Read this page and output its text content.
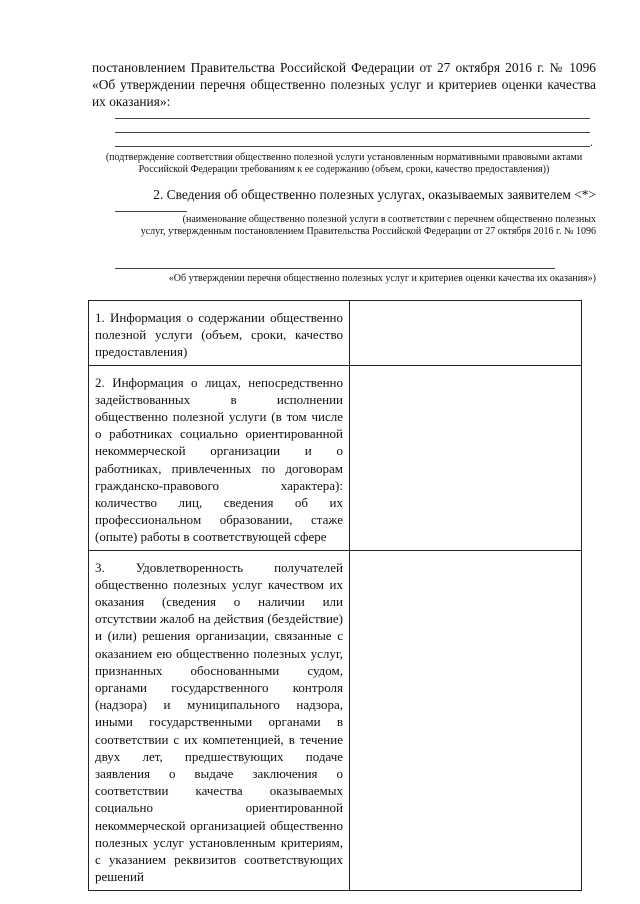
постановлением Правительства Российской Федерации от 27 октября 2016 г. № 1096 «Об утверждении перечня общественно полезных услуг и критериев оценки качества их оказания»:
.
(подтверждение соответствия общественно полезной услуги установленным нормативными правовыми актами Российской Федерации требованиям к ее содержанию (объем, сроки, качество предоставления))
2. Сведения об общественно полезных услугах, оказываемых заявителем <*>
(наименование общественно полезной услуги в соответствии с перечнем общественно полезных
услуг, утвержденным постановлением Правительства Российской Федерации от 27 октября 2016 г. № 1096
«Об утверждении перечня общественно полезных услуг и критериев оценки качества их оказания»)
1. Информация о содержании общественно полезной услуги (объем, сроки, качество предоставления)	

2. Информация о лицах, непосредственно задействованных в исполнении общественно полезной услуги (в том числе о работниках социально ориентированной некоммерческой организации и о работниках, привлеченных по договорам гражданско-правового характера): количество лиц, сведения об их профессиональном образовании, стаже (опыте) работы в соответствующей сфере	

3. Удовлетворенность получателей общественно полезных услуг качеством их оказания (сведения о наличии или отсутствии жалоб на действия (бездействие) и (или) решения организации, связанные с оказанием ею общественно полезных услуг, признанных обоснованными судом, органами государственного контроля (надзора) и муниципального надзора, иными государственными органами в соответствии с их компетенцией, в течение двух лет, предшествующих подаче заявления о выдаче заключения о соответствии качества оказываемых социально ориентированной некоммерческой организацией общественно полезных услуг установленным критериям, с указанием реквизитов соответствующих решений	
